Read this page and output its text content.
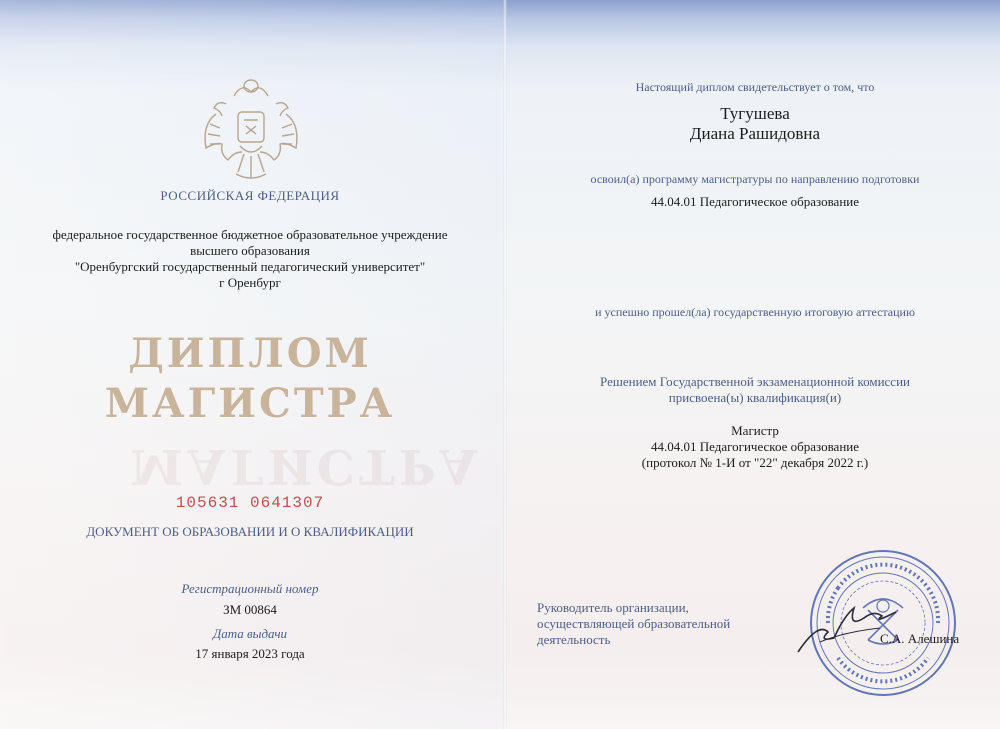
РОССИЙСКАЯ ФЕДЕРАЦИЯ
федеральное государственное бюджетное образовательное учреждение
высшего образования
"Оренбургский государственный педагогический университет"
г Оренбург
ДИПЛОМ
МАГИСТРА
МАГИСТРА
105631 0641307
ДОКУМЕНТ ОБ ОБРАЗОВАНИИ И О КВАЛИФИКАЦИИ
Регистрационный номер
ЗМ 00864
Дата выдачи
17 января 2023 года
Настоящий диплом свидетельствует о том, что
Тугушева
Диана Рашидовна
освоил(а) программу магистратуры по направлению подготовки
44.04.01 Педагогическое образование
и успешно прошел(ла) государственную итоговую аттестацию
Решением Государственной экзаменационной комиссии
присвоена(ы) квалификация(и)
Магистр
44.04.01 Педагогическое образование
(протокол № 1-И от "22" декабря 2022 г.)
Руководитель организации,
осуществляющей образовательной
деятельность	С.А. Алешина
